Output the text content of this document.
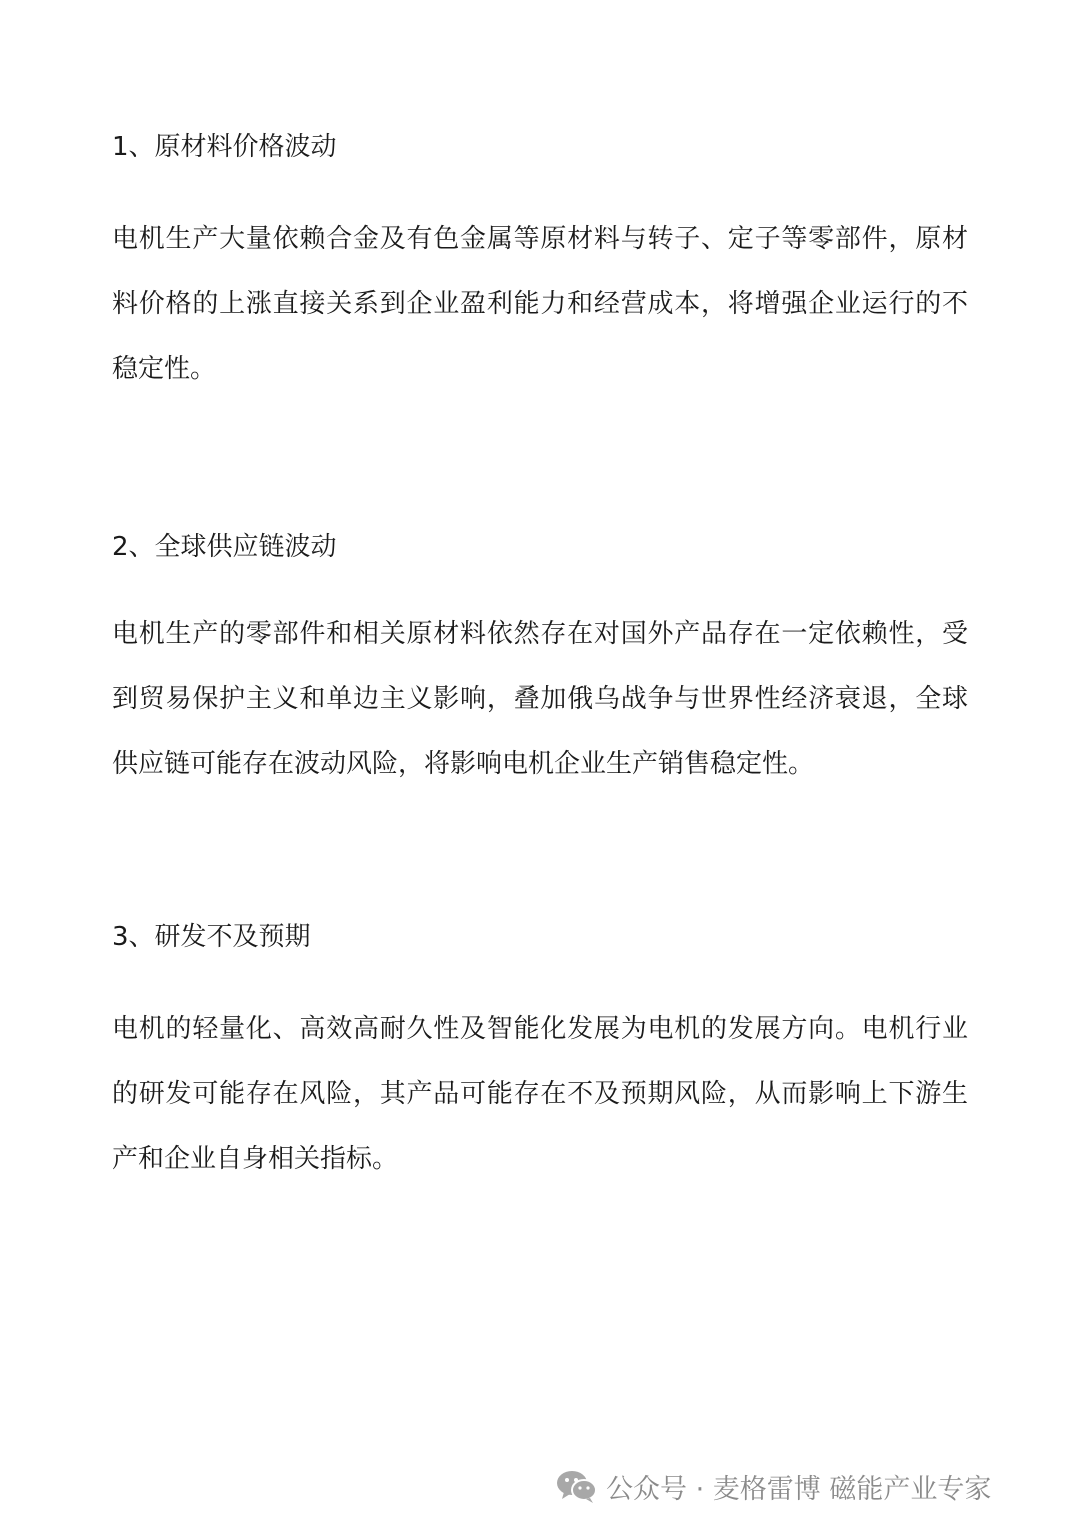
1、原材料价格波动

电机生产大量依赖合金及有色金属等原材料与转子、定子等零部件，原材料价格的上涨直接关系到企业盈利能力和经营成本，将增强企业运行的不稳定性。

2、全球供应链波动

电机生产的零部件和相关原材料依然存在对国外产品存在一定依赖性，受到贸易保护主义和单边主义影响，叠加俄乌战争与世界性经济衰退，全球供应链可能存在波动风险，将影响电机企业生产销售稳定性。

3、研发不及预期

电机的轻量化、高效高耐久性及智能化发展为电机的发展方向。电机行业的研发可能存在风险，其产品可能存在不及预期风险，从而影响上下游生产和企业自身相关指标。

公众号 · 麦格雷博 磁能产业专家
